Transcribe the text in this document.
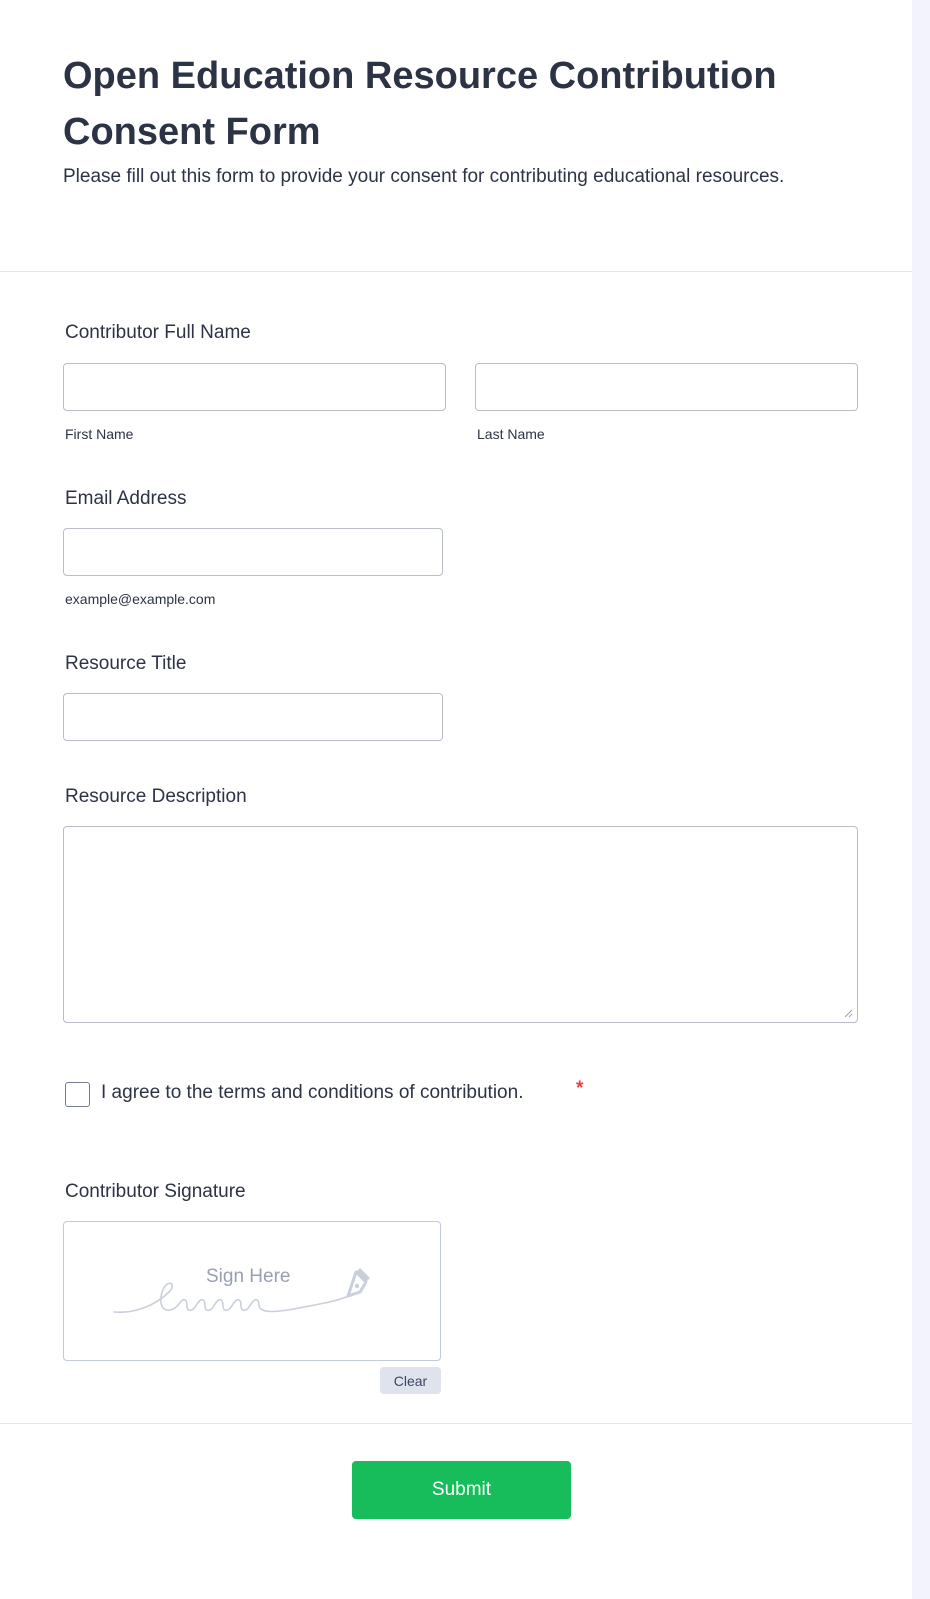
Open Education Resource Contribution Consent Form

Please fill out this form to provide your consent for contributing educational resources.

Contributor Full Name
First Name	Last Name
Email Address
example@example.com
Resource Title
Resource Description
I agree to the terms and conditions of contribution.	*
Contributor Signature
Sign Here
Clear
Submit
